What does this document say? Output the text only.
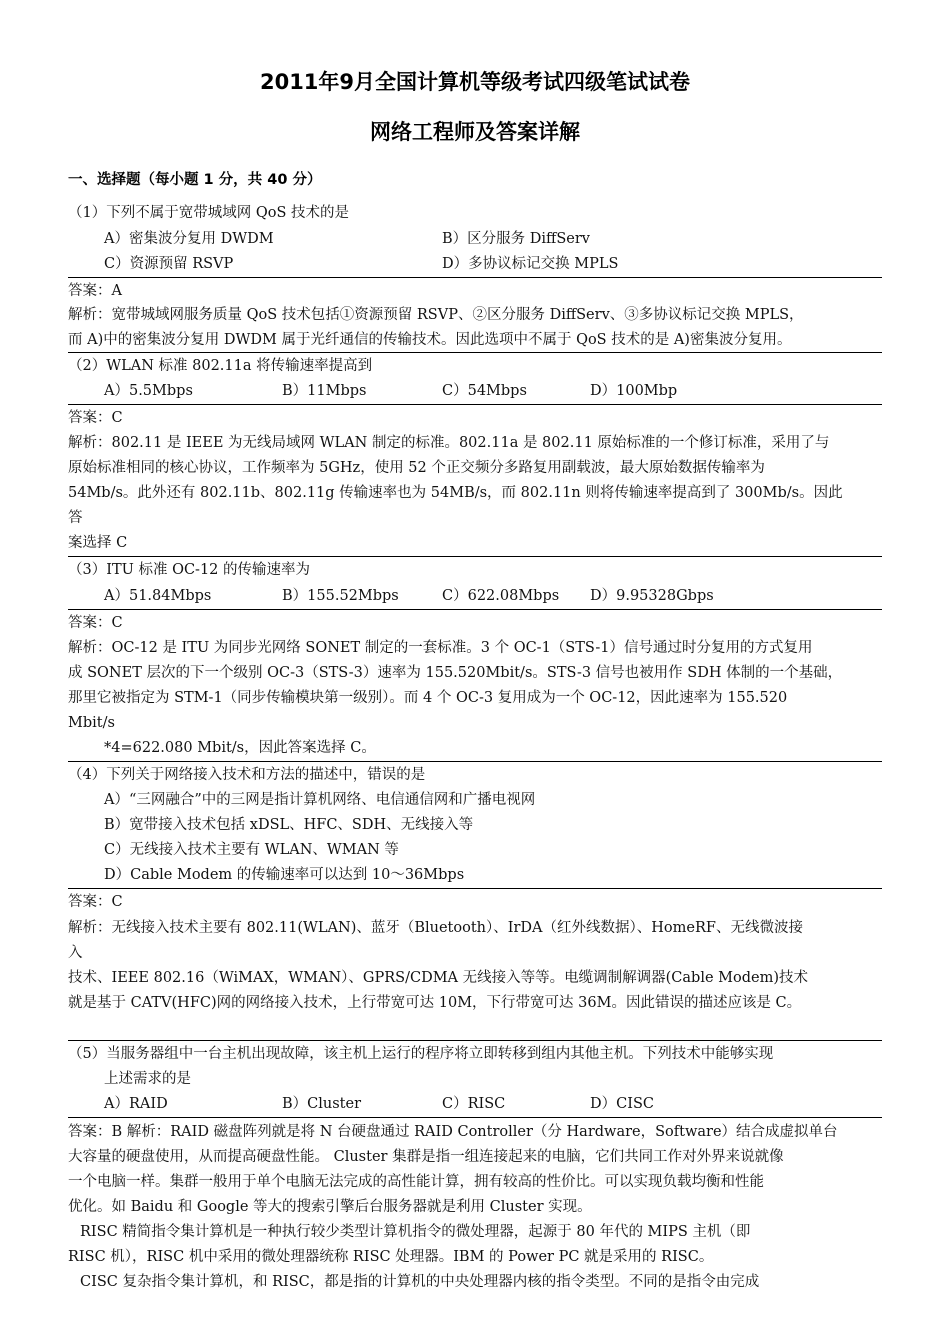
2011年9月全国计算机等级考试四级笔试试卷
网络工程师及答案详解
一、选择题（每小题 1 分，共 40 分）
（1）下列不属于宽带城域网 QoS 技术的是
A）密集波分复用 DWDM	B）区分服务 DiffServ
C）资源预留 RSVP	D）多协议标记交换 MPLS
答案：A
解析：宽带城域网服务质量 QoS 技术包括①资源预留 RSVP、②区分服务 DiffServ、③多协议标记交换 MPLS，
而 A)中的密集波分复用 DWDM 属于光纤通信的传输技术。因此选项中不属于 QoS 技术的是 A)密集波分复用。
（2）WLAN 标准 802.11a 将传输速率提高到
A）5.5Mbps	B）11Mbps	C）54Mbps	D）100Mbp
答案：C
解析：802.11 是 IEEE 为无线局域网 WLAN 制定的标准。802.11a 是 802.11 原始标准的一个修订标准，采用了与
原始标准相同的核心协议，工作频率为 5GHz，使用 52 个正交频分多路复用副载波，最大原始数据传输率为
54Mb/s。此外还有 802.11b、802.11g 传输速率也为 54MB/s，而 802.11n 则将传输速率提高到了 300Mb/s。因此
答
案选择 C
（3）ITU 标准 OC-12 的传输速率为
A）51.84Mbps	B）155.52Mbps	C）622.08Mbps D）9.95328Gbps
答案：C
解析：OC-12 是 ITU 为同步光网络 SONET 制定的一套标准。3 个 OC-1（STS-1）信号通过时分复用的方式复用
成 SONET 层次的下一个级别 OC-3（STS-3）速率为 155.520Mbit/s。STS-3 信号也被用作 SDH 体制的一个基础，
那里它被指定为 STM-1（同步传输模块第一级别）。而 4 个 OC-3 复用成为一个 OC-12，因此速率为 155.520
Mbit/s
*4=622.080 Mbit/s，因此答案选择 C。
（4）下列关于网络接入技术和方法的描述中，错误的是
A）“三网融合”中的三网是指计算机网络、电信通信网和广播电视网
B）宽带接入技术包括 xDSL、HFC、SDH、无线接入等
C）无线接入技术主要有 WLAN、WMAN 等
D）Cable Modem 的传输速率可以达到 10～36Mbps
答案：C
解析：无线接入技术主要有 802.11(WLAN)、蓝牙（Bluetooth）、IrDA（红外线数据）、HomeRF、无线微波接
入
技术、IEEE 802.16（WiMAX，WMAN）、GPRS/CDMA 无线接入等等。电缆调制解调器(Cable Modem)技术
就是基于 CATV(HFC)网的网络接入技术，上行带宽可达 10M，下行带宽可达 36M。因此错误的描述应该是 C。
（5）当服务器组中一台主机出现故障，该主机上运行的程序将立即转移到组内其他主机。下列技术中能够实现
上述需求的是
A）RAID	B）Cluster	C）RISC	D）CISC
答案：B 解析：RAID 磁盘阵列就是将 N 台硬盘通过 RAID Controller（分 Hardware，Software）结合成虚拟单台
大容量的硬盘使用，从而提高硬盘性能。 Cluster 集群是指一组连接起来的电脑，它们共同工作对外界来说就像
一个电脑一样。集群一般用于单个电脑无法完成的高性能计算，拥有较高的性价比。可以实现负载均衡和性能
优化。如 Baidu 和 Google 等大的搜索引擎后台服务器就是利用 Cluster 实现。
RISC 精简指令集计算机是一种执行较少类型计算机指令的微处理器，起源于 80 年代的 MIPS 主机（即
RISC 机），RISC 机中采用的微处理器统称 RISC 处理器。IBM 的 Power PC 就是采用的 RISC。
CISC 复杂指令集计算机，和 RISC，都是指的计算机的中央处理器内核的指令类型。不同的是指令由完成
